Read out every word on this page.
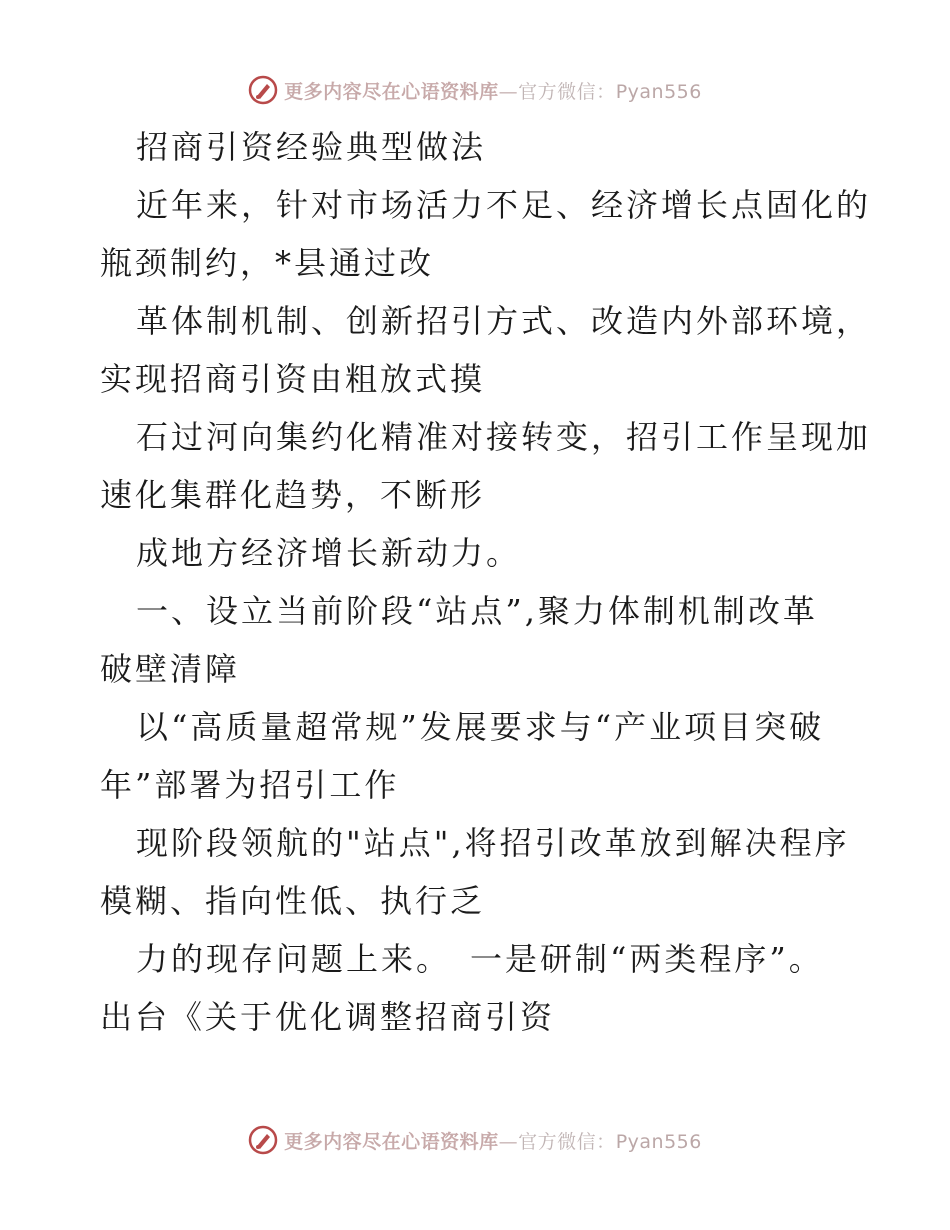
更多内容尽在心语资料库—官方微信：Pyan556
招商引资经验典型做法
近年来，针对市场活力不足、经济增长点固化的
瓶颈制约，*县通过改
革体制机制、创新招引方式、改造内外部环境，
实现招商引资由粗放式摸
石过河向集约化精准对接转变，招引工作呈现加
速化集群化趋势，不断形
成地方经济增长新动力。
一、设立当前阶段“站点”,聚力体制机制改革
破壁清障
以“高质量超常规”发展要求与“产业项目突破
年”部署为招引工作
现阶段领航的"站点",将招引改革放到解决程序
模糊、指向性低、执行乏
力的现存问题上来。　一是研制“两类程序”。
出台《关于优化调整招商引资
更多内容尽在心语资料库—官方微信：Pyan556
